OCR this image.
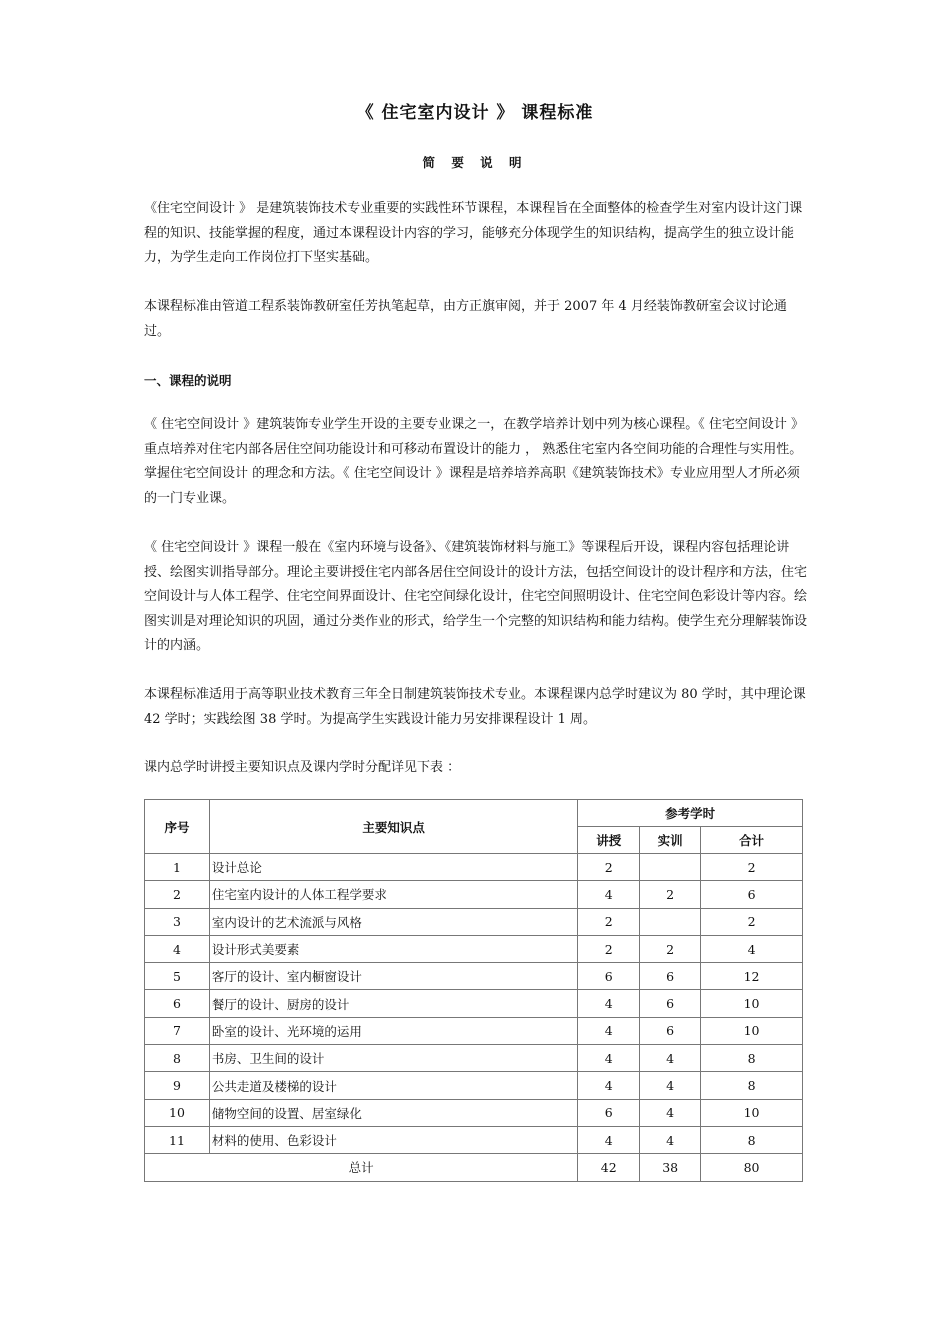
《 住宅室内设计 》 课程标准
简 要 说 明

《住宅空间设计 》 是建筑装饰技术专业重要的实践性环节课程，本课程旨在全面整体的检查学生对室内设计这门课程的知识、技能掌握的程度，通过本课程设计内容的学习，能够充分体现学生的知识结构，提高学生的独立设计能力，为学生走向工作岗位打下坚实基础。

本课程标准由管道工程系装饰教研室任芳执笔起草，由方正旗审阅，并于 2007 年 4 月经装饰教研室会议讨论通过。

一、课程的说明

《 住宅空间设计 》建筑装饰专业学生开设的主要专业课之一，在教学培养计划中列为核心课程。《 住宅空间设计 》重点培养对住宅内部各居住空间功能设计和可移动布置设计的能力 ， 熟悉住宅室内各空间功能的合理性与实用性。掌握住宅空间设计 的理念和方法。《 住宅空间设计 》课程是培养培养高职《建筑装饰技术》专业应用型人才所必须的一门专业课。

《 住宅空间设计 》课程一般在《室内环境与设备》、《建筑装饰材料与施工》等课程后开设，课程内容包括理论讲授、绘图实训指导部分。理论主要讲授住宅内部各居住空间设计的设计方法，包括空间设计的设计程序和方法，住宅空间设计与人体工程学、住宅空间界面设计、住宅空间绿化设计，住宅空间照明设计、住宅空间色彩设计等内容。绘图实训是对理论知识的巩固，通过分类作业的形式，给学生一个完整的知识结构和能力结构。使学生充分理解装饰设计的内涵。

本课程标准适用于高等职业技术教育三年全日制建筑装饰技术专业。本课程课内总学时建议为 80 学时，其中理论课 42 学时；实践绘图 38 学时。为提高学生实践设计能力另安排课程设计 1 周。

课内总学时讲授主要知识点及课内学时分配详见下表 ：

序号	主要知识点	参考学时		
		讲授	实训	合计
1	设计总论	2		2
2	住宅室内设计的人体工程学要求	4	2	6
3	室内设计的艺术流派与风格	2		2
4	设计形式美要素	2	2	4
5	客厅的设计、室内橱窗设计	6	6	12
6	餐厅的设计、厨房的设计	4	6	10
7	卧室的设计、光环境的运用	4	6	10
8	书房、卫生间的设计	4	4	8
9	公共走道及楼梯的设计	4	4	8
10	储物空间的设置、居室绿化	6	4	10
11	材料的使用、色彩设计	4	4	8
总计		42	38	80
